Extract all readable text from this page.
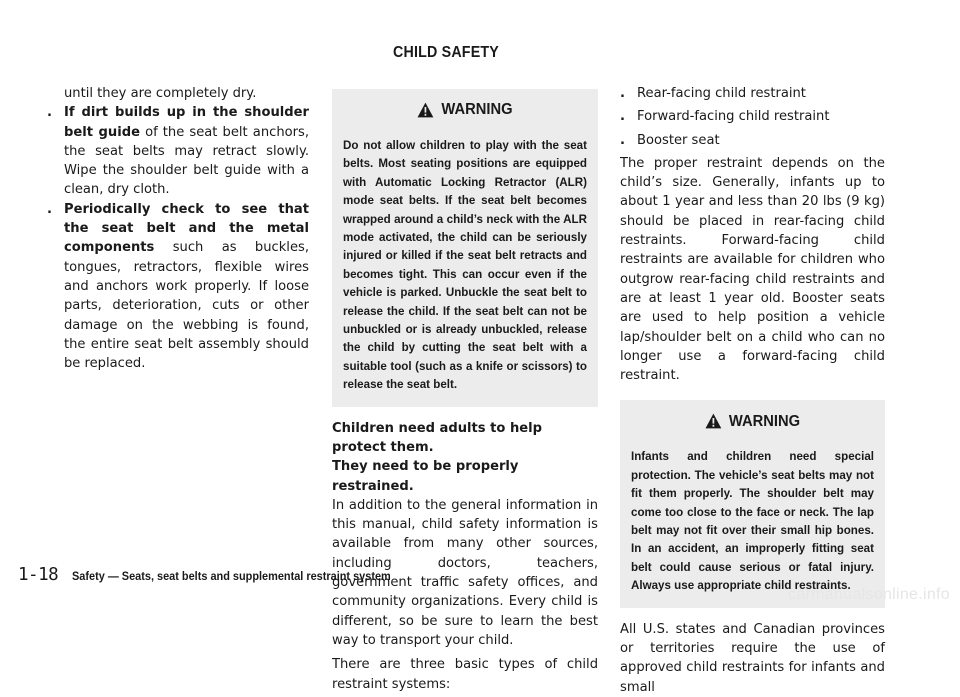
CHILD SAFETY

until they are completely dry.

. If dirt builds up in the shoulder belt guide of the seat belt anchors, the seat belts may retract slowly. Wipe the shoulder belt guide with a clean, dry cloth.
. Periodically check to see that the seat belt and the metal components such as buckles, tongues, retractors, flexible wires and anchors work properly. If loose parts, deterioration, cuts or other damage on the webbing is found, the entire seat belt assembly should be replaced.
WARNING

Do not allow children to play with the seat belts. Most seating positions are equipped with Automatic Locking Retractor (ALR) mode seat belts. If the seat belt becomes wrapped around a child’s neck with the ALR mode activated, the child can be seriously injured or killed if the seat belt retracts and becomes tight. This can occur even if the vehicle is parked. Unbuckle the seat belt to release the child. If the seat belt can not be unbuckled or is already unbuckled, release the child by cutting the seat belt with a suitable tool (such as a knife or scissors) to release the seat belt.

Children need adults to help protect them.

They need to be properly restrained.

In addition to the general information in this manual, child safety information is available from many other sources, including doctors, teachers, government traffic safety offices, and community organizations. Every child is different, so be sure to learn the best way to transport your child.

There are three basic types of child restraint systems:

. Rear-facing child restraint
. Forward-facing child restraint
. Booster seat

The proper restraint depends on the child’s size. Generally, infants up to about 1 year and less than 20 lbs (9 kg) should be placed in rear-facing child restraints. Forward-facing child restraints are available for children who outgrow rear-facing child restraints and are at least 1 year old. Booster seats are used to help position a vehicle lap/shoulder belt on a child who can no longer use a forward-facing child restraint.

WARNING

Infants and children need special protection. The vehicle’s seat belts may not fit them properly. The shoulder belt may come too close to the face or neck. The lap belt may not fit over their small hip bones. In an accident, an improperly fitting seat belt could cause serious or fatal injury. Always use appropriate child restraints.

All U.S. states and Canadian provinces or territories require the use of approved child restraints for infants and small

1-18 Safety — Seats, seat belts and supplemental restraint system
carmanualsonline.info
